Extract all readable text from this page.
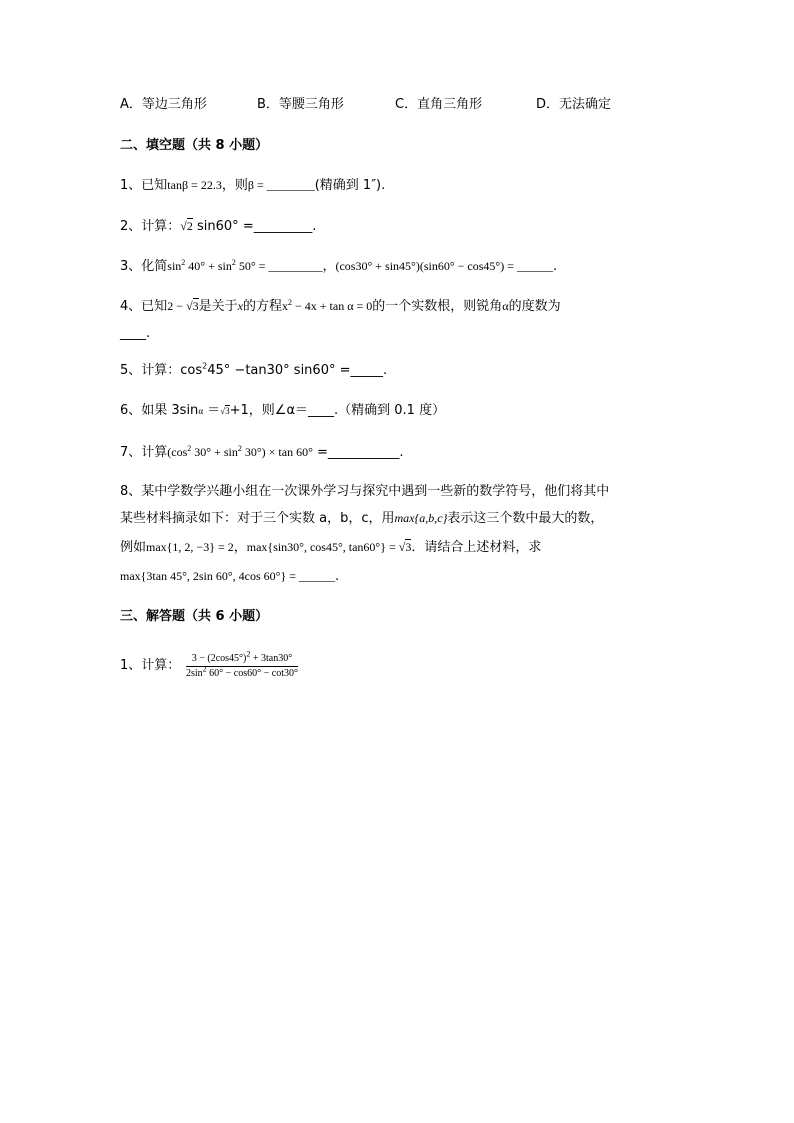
A．等边三角形	B．等腰三角形	C．直角三角形	D．无法确定
二、填空题（共 8 小题）
1、已知tanβ = 22.3，则β = ________(精确到 1″).
2、计算：√2 sin60° =_________.
3、化简$\sin^2 40^\circ + \sin^2 50^\circ$ = _________，(cos30° + sin45°)(sin60° − cos45°) = ______.
4、已知2 − √3是关于x的方程$x^2 - 4x + \tan \alpha = 0$的一个实数根，则锐角α的度数为
____.
5、计算：$\cos^245^\circ -\tan 30^\circ$ sin60° =_____.
6、如果 3sinα ＝√3+1，则∠α＝____.（精确到 0.1 度）
7、计算($\cos^2$ $30^\circ + \sin^2 30^\circ) \times \tan 60^\circ$ =___________.
8、某中学数学兴趣小组在一次课外学习与探究中遇到一些新的数学符号，他们将其中
某些材料摘录如下：对于三个实数 a，b，c，用max{a,b,c}表示这三个数中最大的数，
例如max{1, 2, −3} = 2，max{sin30°, cos45°, tan60°} = √3．请结合上述材料，求
max{3tan 45°, 2sin 60°, 4cos 60°} = ______.
三、解答题（共 6 小题）
1、计算： $\frac{3 - (2\cos 45^\circ)^2 + 3\tan 30^\circ}{2\sin^2 60^\circ - \cos 60^\circ - \cot 30^\circ}$
